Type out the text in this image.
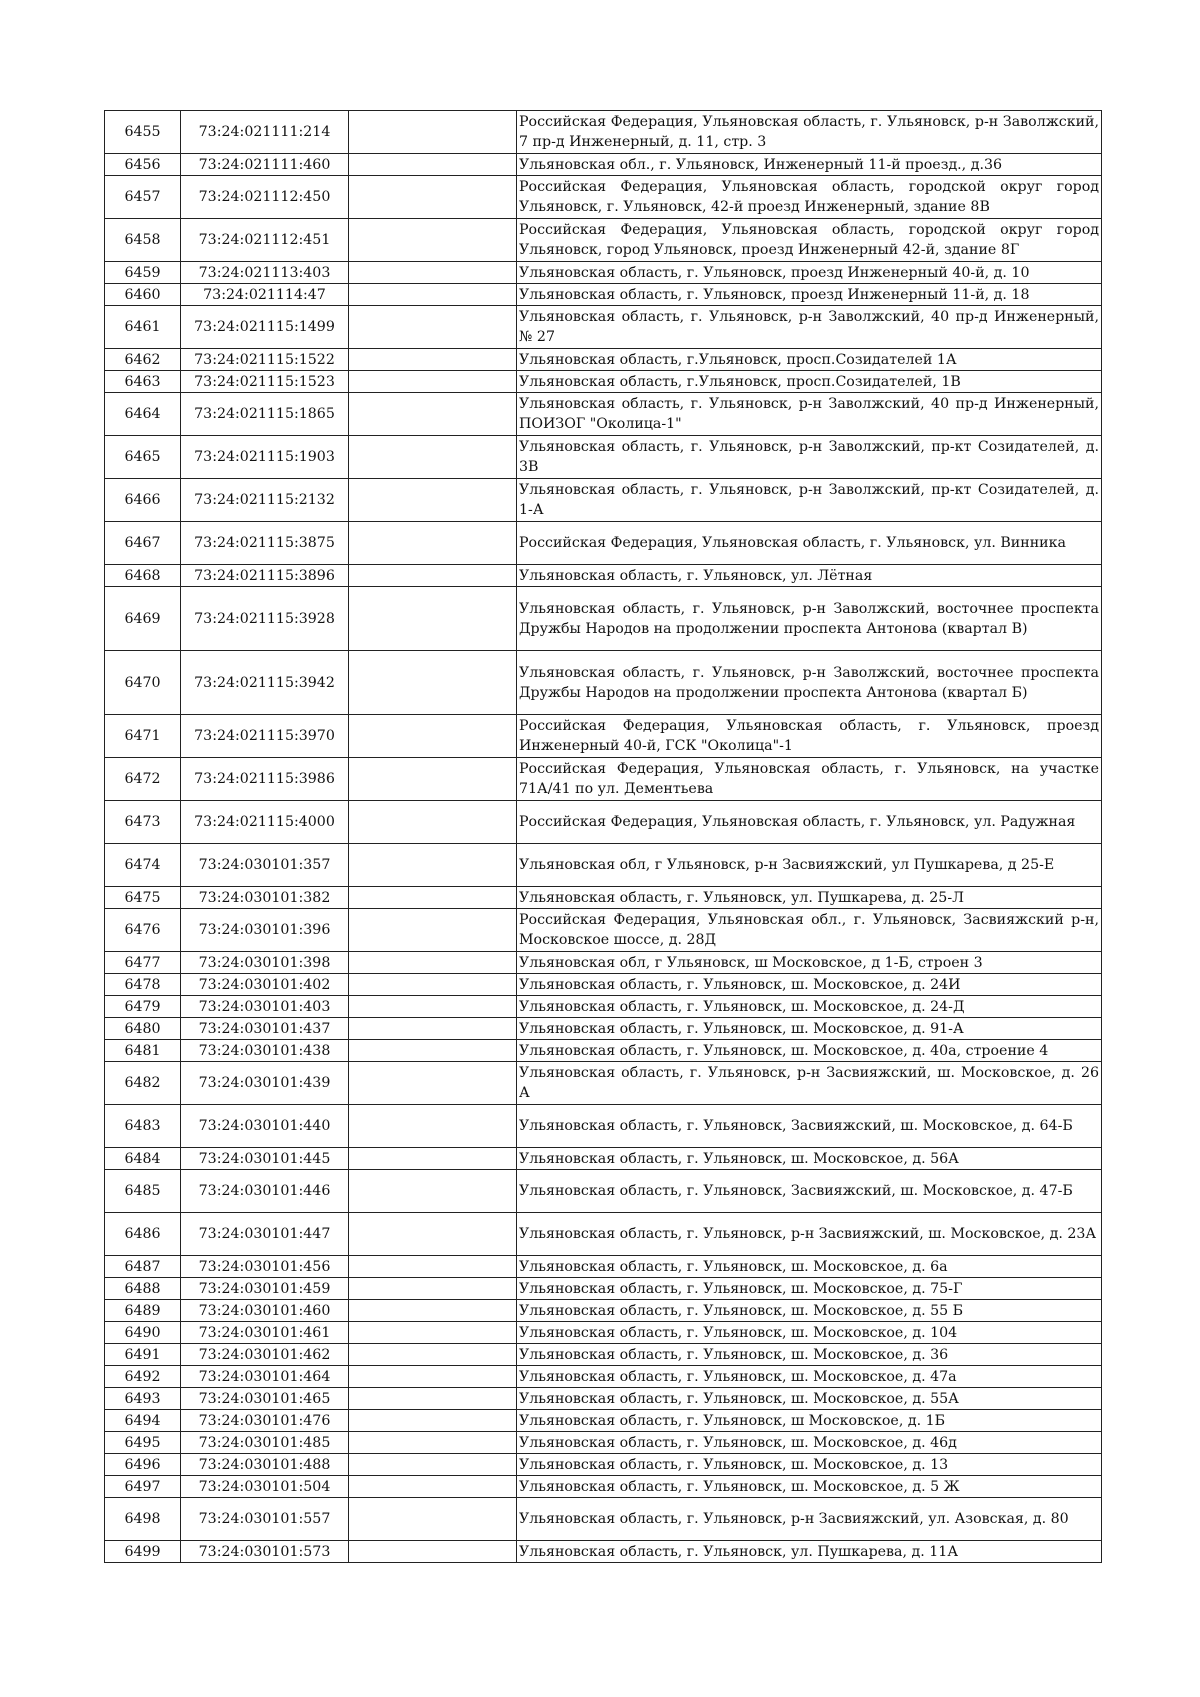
6455	73:24:021111:214		Российская Федерация, Ульяновская область, г. Ульяновск, р-н Заволжский, 7 пр-д Инженерный, д. 11, стр. 3
6456	73:24:021111:460		Ульяновская обл., г. Ульяновск, Инженерный 11-й проезд., д.36
6457	73:24:021112:450		Российская Федерация, Ульяновская область, городской округ город Ульяновск, г. Ульяновск, 42-й проезд Инженерный, здание 8В
6458	73:24:021112:451		Российская Федерация, Ульяновская область, городской округ город Ульяновск, город Ульяновск, проезд Инженерный 42-й, здание 8Г
6459	73:24:021113:403		Ульяновская область, г. Ульяновск, проезд Инженерный 40-й, д. 10
6460	73:24:021114:47		Ульяновская область, г. Ульяновск, проезд Инженерный 11-й, д. 18
6461	73:24:021115:1499		Ульяновская область, г. Ульяновск, р-н Заволжский, 40 пр-д Инженерный, № 27
6462	73:24:021115:1522		Ульяновская область, г.Ульяновск, просп.Созидателей 1А
6463	73:24:021115:1523		Ульяновская область, г.Ульяновск, просп.Созидателей, 1В
6464	73:24:021115:1865		Ульяновская область, г. Ульяновск, р-н Заволжский, 40 пр-д Инженерный, ПОИЗОГ "Околица-1"
6465	73:24:021115:1903		Ульяновская область, г. Ульяновск, р-н Заволжский, пр-кт Созидателей, д. 3В
6466	73:24:021115:2132		Ульяновская область, г. Ульяновск, р-н Заволжский, пр-кт Созидателей, д. 1-А
6467	73:24:021115:3875		Российская Федерация, Ульяновская область, г. Ульяновск, ул. Винника
6468	73:24:021115:3896		Ульяновская область, г. Ульяновск, ул. Лётная
6469	73:24:021115:3928		Ульяновская область, г. Ульяновск, р-н Заволжский, восточнее проспекта Дружбы Народов на продолжении проспекта Антонова (квартал В)
6470	73:24:021115:3942		Ульяновская область, г. Ульяновск, р-н Заволжский, восточнее проспекта Дружбы Народов на продолжении проспекта Антонова (квартал Б)
6471	73:24:021115:3970		Российская Федерация, Ульяновская область, г. Ульяновск, проезд Инженерный 40-й, ГСК "Околица"-1
6472	73:24:021115:3986		Российская Федерация, Ульяновская область, г. Ульяновск, на участке 71А/41 по ул. Дементьева
6473	73:24:021115:4000		Российская Федерация, Ульяновская область, г. Ульяновск, ул. Радужная
6474	73:24:030101:357		Ульяновская обл, г Ульяновск, р-н Засвияжский, ул Пушкарева, д 25-Е
6475	73:24:030101:382		Ульяновская область, г. Ульяновск, ул. Пушкарева, д. 25-Л
6476	73:24:030101:396		Российская Федерация, Ульяновская обл., г. Ульяновск, Засвияжский р-н, Московское шоссе, д. 28Д
6477	73:24:030101:398		Ульяновская обл, г Ульяновск, ш Московское, д 1-Б, строен 3
6478	73:24:030101:402		Ульяновская область, г. Ульяновск, ш. Московское, д. 24И
6479	73:24:030101:403		Ульяновская область, г. Ульяновск, ш. Московское, д. 24-Д
6480	73:24:030101:437		Ульяновская область, г. Ульяновск, ш. Московское, д. 91-А
6481	73:24:030101:438		Ульяновская область, г. Ульяновск, ш. Московское, д. 40а, строение 4
6482	73:24:030101:439		Ульяновская область, г. Ульяновск, р-н Засвияжский, ш. Московское, д. 26 А
6483	73:24:030101:440		Ульяновская область, г. Ульяновск, Засвияжский, ш. Московское, д. 64-Б
6484	73:24:030101:445		Ульяновская область, г. Ульяновск, ш. Московское, д. 56А
6485	73:24:030101:446		Ульяновская область, г. Ульяновск, Засвияжский, ш. Московское, д. 47-Б
6486	73:24:030101:447		Ульяновская область, г. Ульяновск, р-н Засвияжский, ш. Московское, д. 23А
6487	73:24:030101:456		Ульяновская область, г. Ульяновск, ш. Московское, д. 6а
6488	73:24:030101:459		Ульяновская область, г. Ульяновск, ш. Московское, д. 75-Г
6489	73:24:030101:460		Ульяновская область, г. Ульяновск, ш. Московское, д. 55 Б
6490	73:24:030101:461		Ульяновская область, г. Ульяновск, ш. Московское, д. 104
6491	73:24:030101:462		Ульяновская область, г. Ульяновск, ш. Московское, д. 36
6492	73:24:030101:464		Ульяновская область, г. Ульяновск, ш. Московское, д. 47а
6493	73:24:030101:465		Ульяновская область, г. Ульяновск, ш. Московское, д. 55А
6494	73:24:030101:476		Ульяновская область, г. Ульяновск, ш Московское, д. 1Б
6495	73:24:030101:485		Ульяновская область, г. Ульяновск, ш. Московское, д. 46д
6496	73:24:030101:488		Ульяновская область, г. Ульяновск, ш. Московское, д. 13
6497	73:24:030101:504		Ульяновская область, г. Ульяновск, ш. Московское, д. 5 Ж
6498	73:24:030101:557		Ульяновская область, г. Ульяновск, р-н Засвияжский, ул. Азовская, д. 80
6499	73:24:030101:573		Ульяновская область, г. Ульяновск, ул. Пушкарева, д. 11А
